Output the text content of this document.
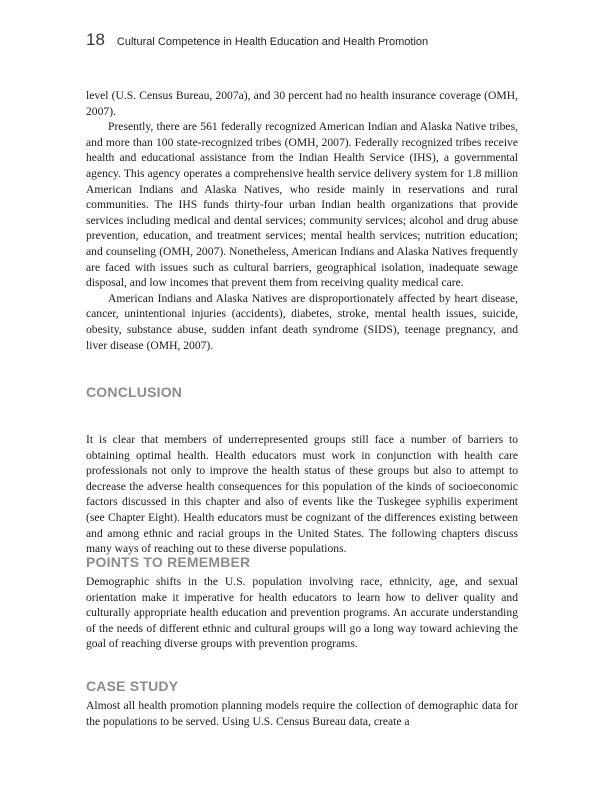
18 Cultural Competence in Health Education and Health Promotion

level (U.S. Census Bureau, 2007a), and 30 percent had no health insurance coverage (OMH, 2007).

Presently, there are 561 federally recognized American Indian and Alaska Native tribes, and more than 100 state-recognized tribes (OMH, 2007). Federally recognized tribes receive health and educational assistance from the Indian Health Service (IHS), a governmental agency. This agency operates a comprehensive health service delivery system for 1.8 million American Indians and Alaska Natives, who reside mainly in reservations and rural communities. The IHS funds thirty-four urban Indian health organizations that provide services including medical and dental services; community services; alcohol and drug abuse prevention, education, and treatment services; mental health services; nutrition education; and counseling (OMH, 2007). Nonetheless, American Indians and Alaska Natives frequently are faced with issues such as cultural barriers, geographical isolation, inadequate sewage disposal, and low incomes that prevent them from receiving quality medical care.

American Indians and Alaska Natives are disproportionately affected by heart disease, cancer, unintentional injuries (accidents), diabetes, stroke, mental health issues, suicide, obesity, substance abuse, sudden infant death syndrome (SIDS), teenage pregnancy, and liver disease (OMH, 2007).

CONCLUSION

It is clear that members of underrepresented groups still face a number of barriers to obtaining optimal health. Health educators must work in conjunction with health care professionals not only to improve the health status of these groups but also to attempt to decrease the adverse health consequences for this population of the kinds of socioeconomic factors discussed in this chapter and also of events like the Tuskegee syphilis experiment (see Chapter Eight). Health educators must be cognizant of the differences existing between and among ethnic and racial groups in the United States. The following chapters discuss many ways of reaching out to these diverse populations.

POINTS TO REMEMBER

Demographic shifts in the U.S. population involving race, ethnicity, age, and sexual orientation make it imperative for health educators to learn how to deliver quality and culturally appropriate health education and prevention programs. An accurate understanding of the needs of different ethnic and cultural groups will go a long way toward achieving the goal of reaching diverse groups with prevention programs.

CASE STUDY

Almost all health promotion planning models require the collection of demographic data for the populations to be served. Using U.S. Census Bureau data, create a
